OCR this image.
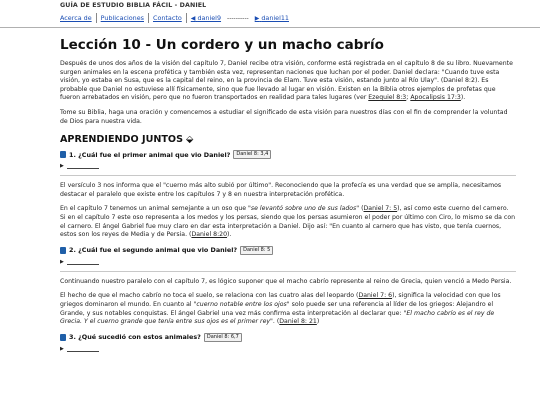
GUÍA DE ESTUDIO BIBLIA FÁCIL - DANIEL
Acerca de	Publicaciones	Contacto	◀ daniel9	----------	▶ daniel11
Lección 10 - Un cordero y un macho cabrío

Después de unos dos años de la visión del capítulo 7, Daniel recibe otra visión, conforme está registrada en el capítulo 8 de su libro. Nuevamente surgen animales en la escena profética y también esta vez, representan naciones que luchan por el poder. Daniel declara: "Cuando tuve esta visión, yo estaba en Susa, que es la capital del reino, en la provincia de Elam. Tuve esta visión, estando junto al Río Ulay". (Daniel 8:2). Es probable que Daniel no estuviese allí físicamente, sino que fue llevado al lugar en visión. Existen en la Biblia otros ejemplos de profetas que fueron arrebatados en visión, pero que no fueron transportados en realidad para tales lugares (ver Ezequiel 8:3; Apocalipsis 17:3).

Tome su Biblia, haga una oración y comencemos a estudiar el significado de esta visión para nuestros días con el fin de comprender la voluntad de Dios para nuestra vida.

APRENDIENDO JUNTOS ⬙
1. ¿Cuál fue el primer animal que vio Daniel?	Daniel 8: 3,4
▶

El versículo 3 nos informa que el "cuerno más alto subió por último". Reconociendo que la profecía es una verdad que se amplía, necesitamos destacar el paralelo que existe entre los capítulos 7 y 8 en nuestra interpretación profética.

En el capítulo 7 tenemos un animal semejante a un oso que "se levantó sobre uno de sus lados" (Daniel 7: 5), así como este cuerno del carnero. Si en el capítulo 7 este oso representa a los medos y los persas, siendo que los persas asumieron el poder por último con Ciro, lo mismo se da con el carnero. El ángel Gabriel fue muy claro en dar esta interpretación a Daniel. Dijo así: "En cuanto al carnero que has visto, que tenía cuernos, estos son los reyes de Media y de Persia. (Daniel 8:20).

2. ¿Cuál fue el segundo animal que vio Daniel?	Daniel 8: 5
▶

Continuando nuestro paralelo con el capítulo 7, es lógico suponer que el macho cabrío represente al reino de Grecia, quien venció a Medo Persia.

El hecho de que el macho cabrío no toca el suelo, se relaciona con las cuatro alas del leopardo (Daniel 7: 6), significa la velocidad con que los griegos dominaron el mundo. En cuanto al "cuerno notable entre los ojos" solo puede ser una referencia al líder de los griegos: Alejandro el Grande, y sus notables conquistas. El ángel Gabriel una vez más confirma esta interpretación al declarar que: "El macho cabrío es el rey de Grecia. Y el cuerno grande que tenía entre sus ojos es el primer rey". (Daniel 8: 21)

3. ¿Qué sucedió con estos animales?	Daniel 8: 6,7
▶
